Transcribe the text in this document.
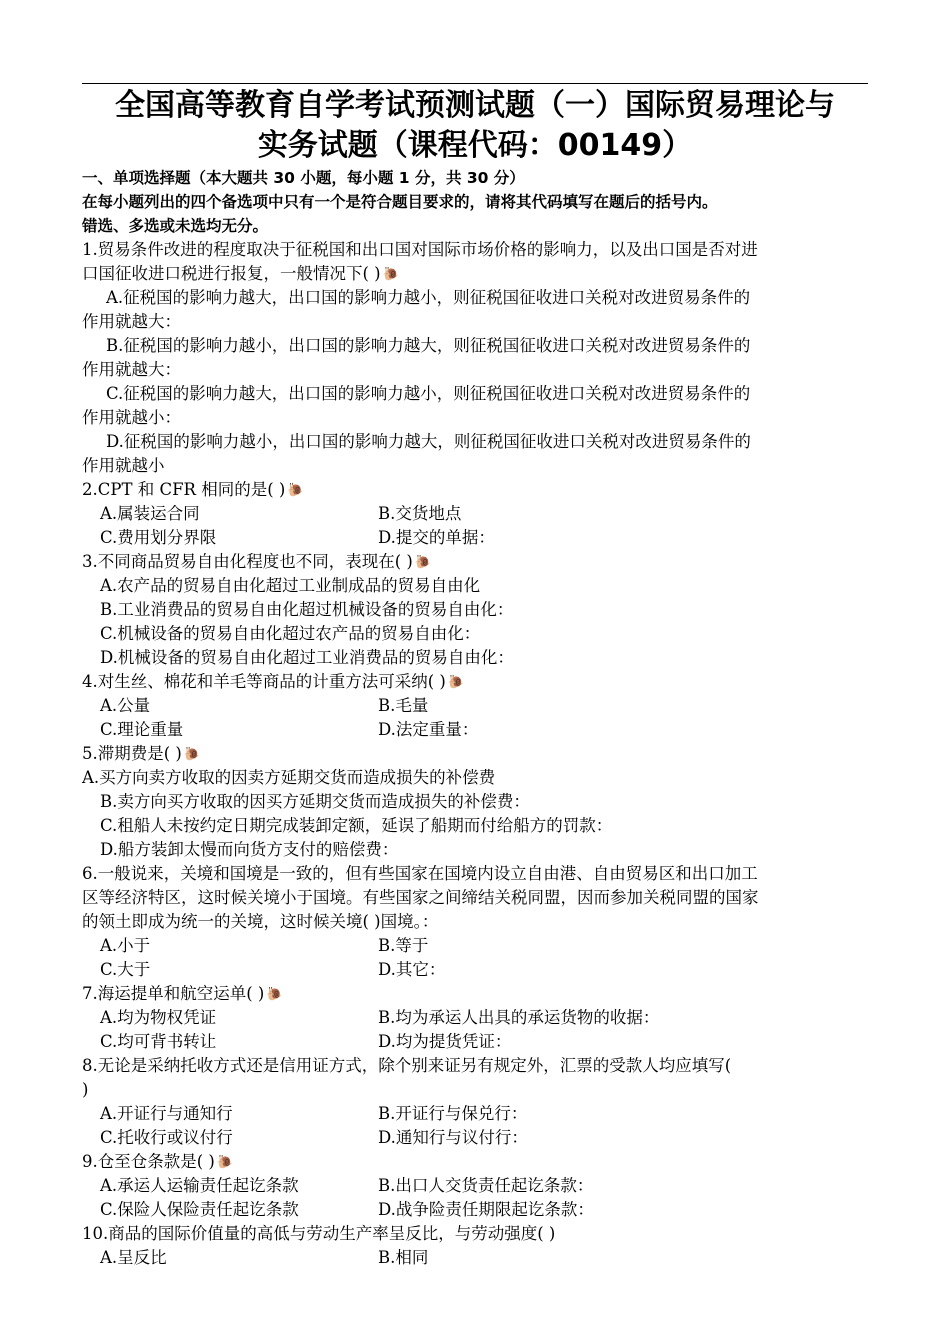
全国高等教育自学考试预测试题（一）国际贸易理论与
实务试题（课程代码：00149）
一、单项选择题（本大题共 30 小题，每小题 1 分，共 30 分）
在每小题列出的四个备选项中只有一个是符合题目要求的，请将其代码填写在题后的括号内。
错选、多选或未选均无分。
1.贸易条件改进的程度取决于征税国和出口国对国际市场价格的影响力，以及出口国是否对进
口国征收进口税进行报复，一般情况下( ) 🐌
A.征税国的影响力越大，出口国的影响力越小，则征税国征收进口关税对改进贸易条件的
作用就越大：
B.征税国的影响力越小，出口国的影响力越大，则征税国征收进口关税对改进贸易条件的
作用就越大：
C.征税国的影响力越大，出口国的影响力越小，则征税国征收进口关税对改进贸易条件的
作用就越小：
D.征税国的影响力越小，出口国的影响力越大，则征税国征收进口关税对改进贸易条件的
作用就越小
2.CPT 和 CFR 相同的是( ) 🐌
A.属装运合同	B.交货地点
C.费用划分界限	D.提交的单据：
3.不同商品贸易自由化程度也不同，表现在( ) 🐌
A.农产品的贸易自由化超过工业制成品的贸易自由化
B.工业消费品的贸易自由化超过机械设备的贸易自由化：
C.机械设备的贸易自由化超过农产品的贸易自由化：
D.机械设备的贸易自由化超过工业消费品的贸易自由化：
4.对生丝、棉花和羊毛等商品的计重方法可采纳( ) 🐌
A.公量	B.毛量
C.理论重量	D.法定重量：
5.滞期费是( ) 🐌
A.买方向卖方收取的因卖方延期交货而造成损失的补偿费
B.卖方向买方收取的因买方延期交货而造成损失的补偿费：
C.租船人未按约定日期完成装卸定额，延误了船期而付给船方的罚款：
D.船方装卸太慢而向货方支付的赔偿费：
6.一般说来，关境和国境是一致的，但有些国家在国境内设立自由港、自由贸易区和出口加工
区等经济特区，这时候关境小于国境。有些国家之间缔结关税同盟，因而参加关税同盟的国家
的领土即成为统一的关境，这时候关境( )国境。：
A.小于	B.等于
C.大于	D.其它：
7.海运提单和航空运单( ) 🐌
A.均为物权凭证	B.均为承运人出具的承运货物的收据：
C.均可背书转让	D.均为提货凭证：
8.无论是采纳托收方式还是信用证方式，除个别来证另有规定外，汇票的受款人均应填写(
)
A.开证行与通知行	B.开证行与保兑行：
C.托收行或议付行	D.通知行与议付行：
9.仓至仓条款是( ) 🐌
A.承运人运输责任起讫条款	B.出口人交货责任起讫条款：
C.保险人保险责任起讫条款	D.战争险责任期限起讫条款：
10.商品的国际价值量的高低与劳动生产率呈反比，与劳动强度( )
A.呈反比	B.相同
